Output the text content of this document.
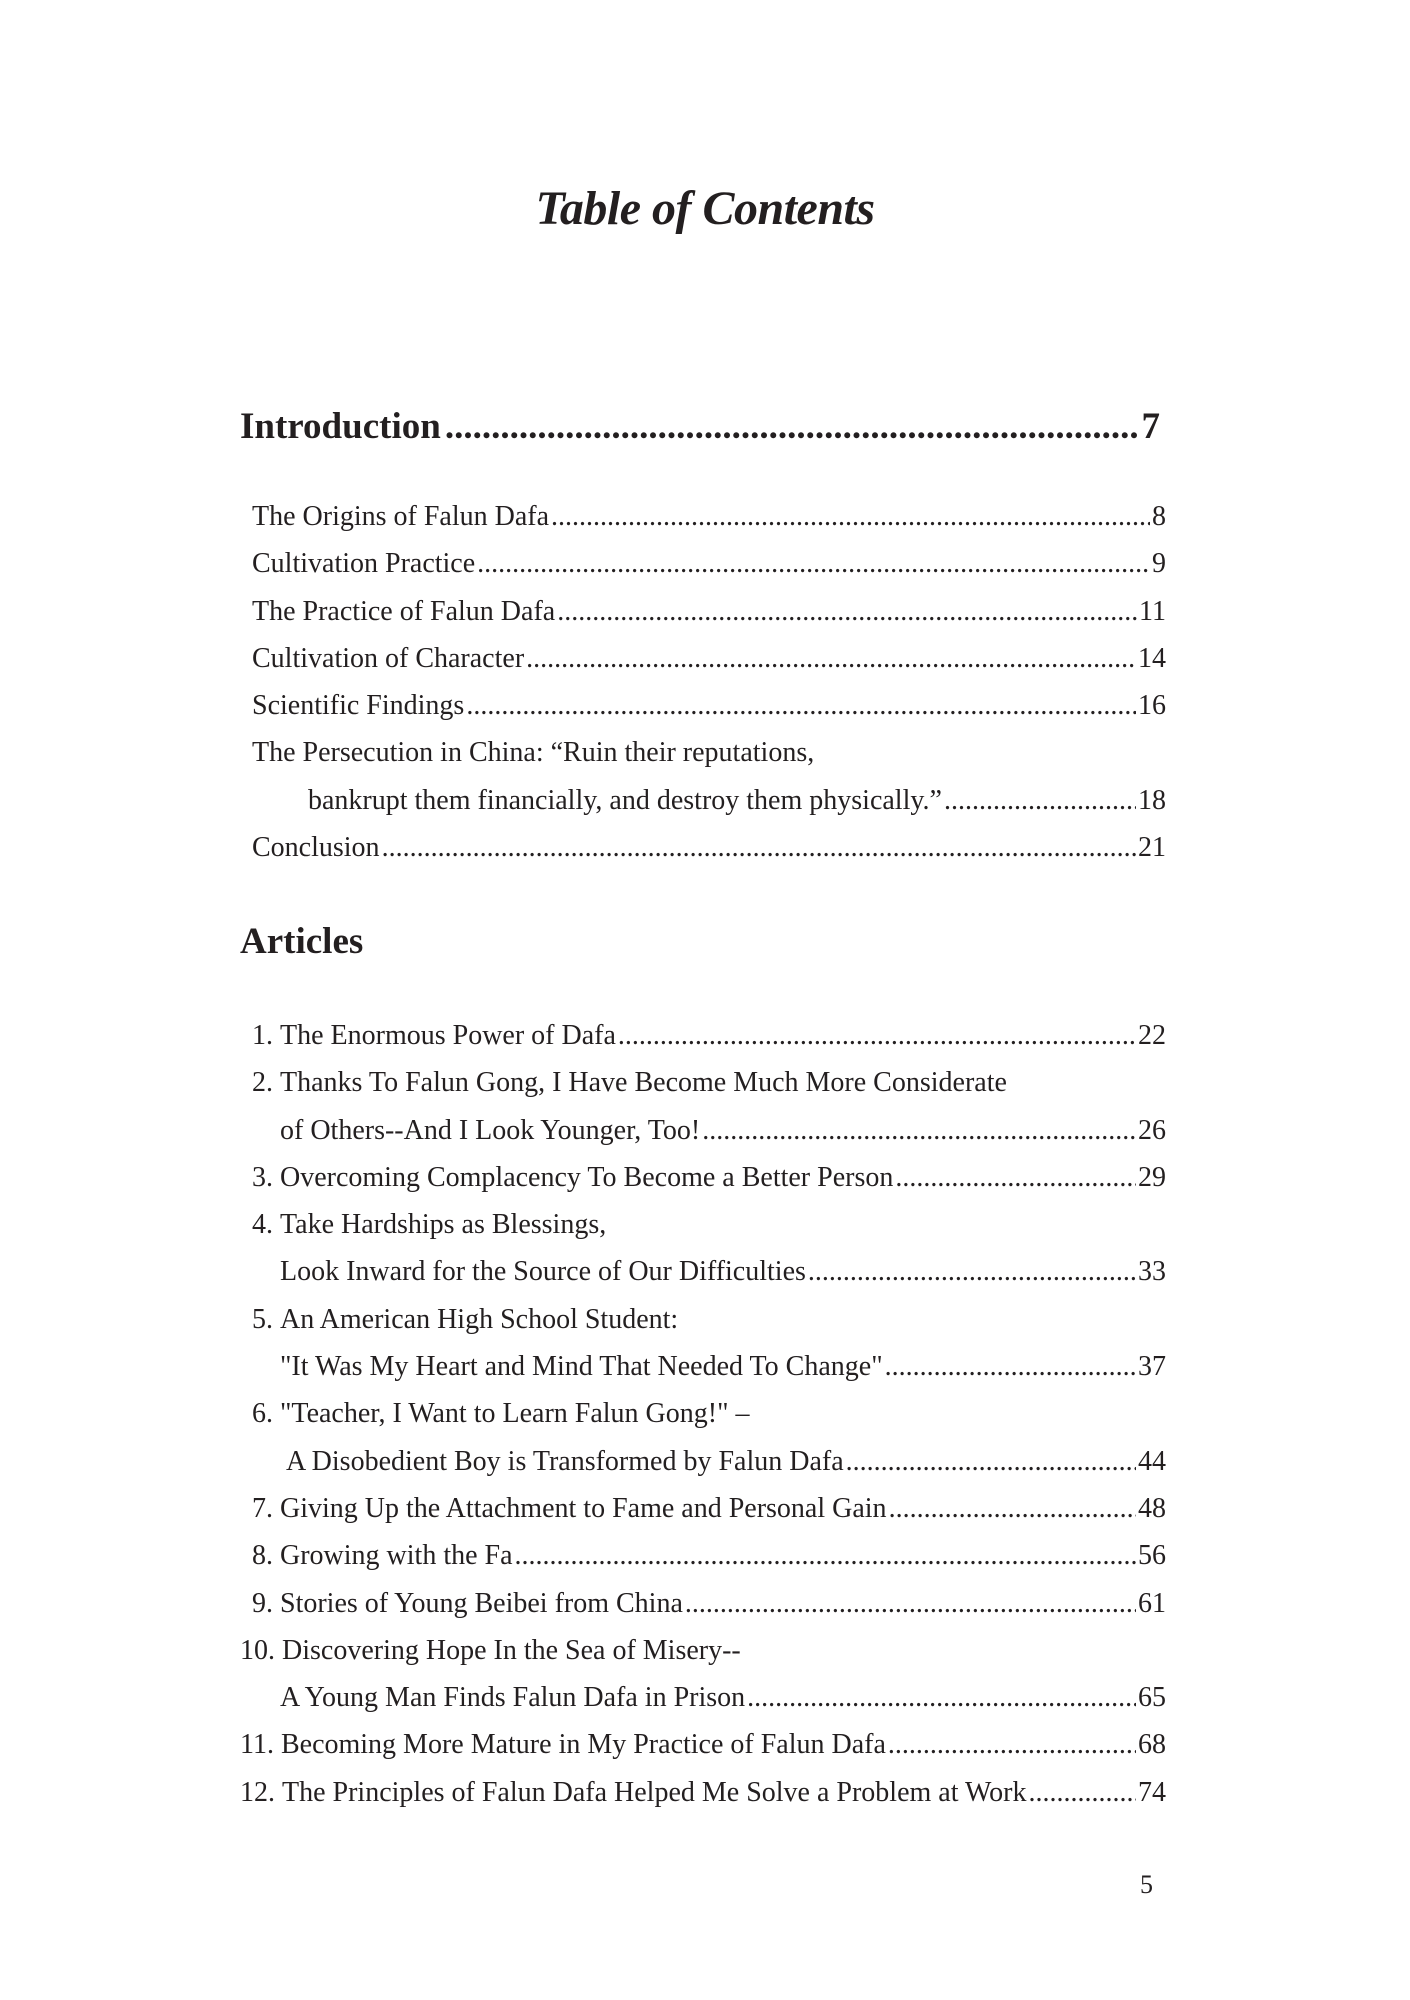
Table of Contents
Introduction .....	7
The Origins of Falun Dafa .....	8
Cultivation Practice .....	9
The Practice of Falun Dafa .....	11
Cultivation of Character .....	14
Scientific Findings .....	16
The Persecution in China: “Ruin their reputations,
bankrupt them financially, and destroy them physically.” .....	18
Conclusion .....	21
Articles
1.
The Enormous Power of Dafa .....	22
2.
Thanks To Falun Gong, I Have Become Much More Considerate
of Others--And I Look Younger, Too! .....	26
3.
Overcoming Complacency To Become a Better Person .....	29
4.
Take Hardships as Blessings,
Look Inward for the Source of Our Difficulties .....	33
5.
An American High School Student:
"It Was My Heart and Mind That Needed To Change" .....	37
6.
"Teacher, I Want to Learn Falun Gong!" –
A Disobedient Boy is Transformed by Falun Dafa .....	44
7.
Giving Up the Attachment to Fame and Personal Gain .....	48
8.
Growing with the Fa .....	56
9.
Stories of Young Beibei from China .....	61
10.
Discovering Hope In the Sea of Misery--
A Young Man Finds Falun Dafa in Prison .....	65
11.
Becoming More Mature in My Practice of Falun Dafa .....	68
12.
The Principles of Falun Dafa Helped Me Solve a Problem at Work .....	74
5
